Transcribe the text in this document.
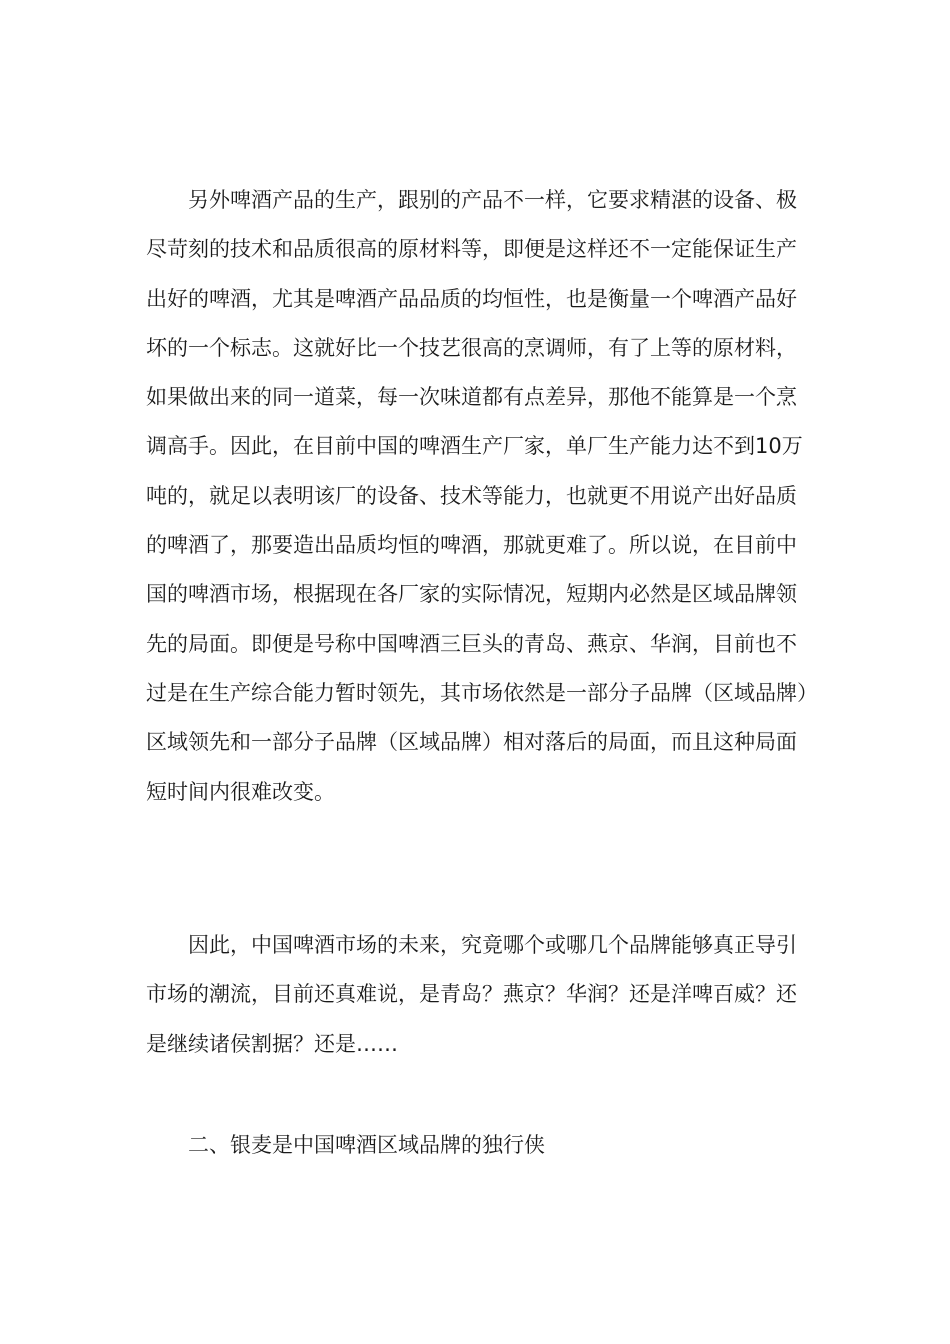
另外啤酒产品的生产，跟别的产品不一样，它要求精湛的设备、极尽苛刻的技术和品质很高的原材料等，即便是这样还不一定能保证生产出好的啤酒，尤其是啤酒产品品质的均恒性，也是衡量一个啤酒产品好坏的一个标志。这就好比一个技艺很高的烹调师，有了上等的原材料，如果做出来的同一道菜，每一次味道都有点差异，那他不能算是一个烹调高手。因此，在目前中国的啤酒生产厂家，单厂生产能力达不到10万吨的，就足以表明该厂的设备、技术等能力，也就更不用说产出好品质的啤酒了，那要造出品质均恒的啤酒，那就更难了。所以说，在目前中国的啤酒市场，根据现在各厂家的实际情况，短期内必然是区域品牌领先的局面。即便是号称中国啤酒三巨头的青岛、燕京、华润，目前也不过是在生产综合能力暂时领先，其市场依然是一部分子品牌（区域品牌）区域领先和一部分子品牌（区域品牌）相对落后的局面，而且这种局面短时间内很难改变。

因此，中国啤酒市场的未来，究竟哪个或哪几个品牌能够真正导引市场的潮流，目前还真难说，是青岛？燕京？华润？还是洋啤百威？还是继续诸侯割据？还是……

二、银麦是中国啤酒区域品牌的独行侠
